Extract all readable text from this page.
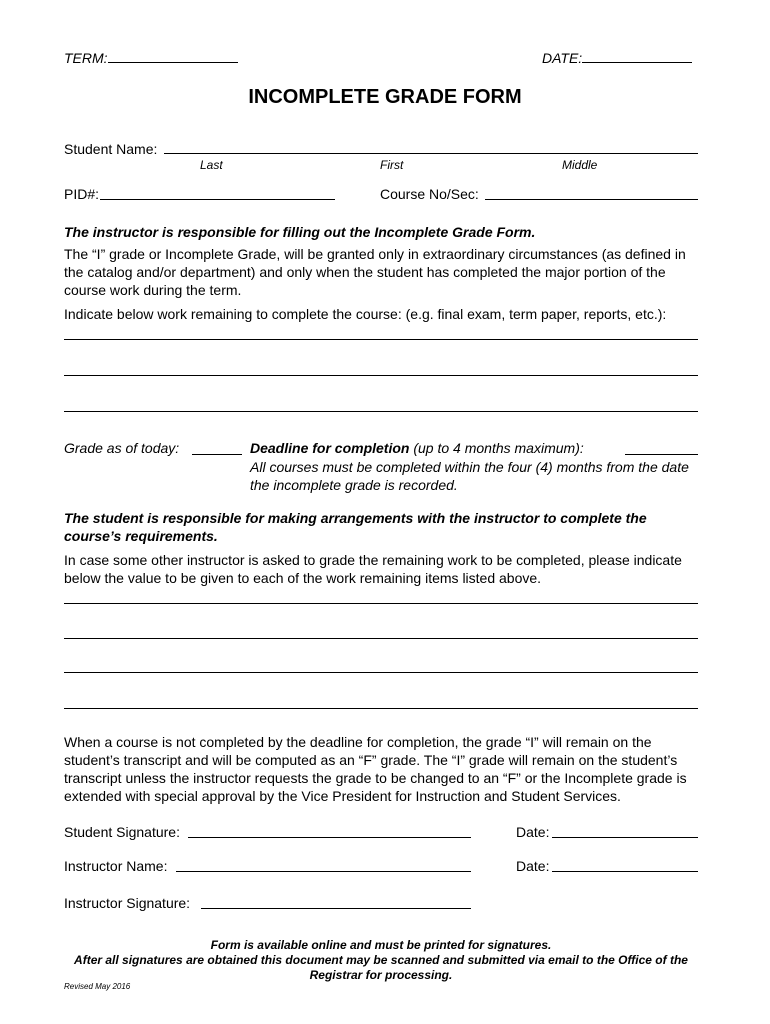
TERM:	DATE:
INCOMPLETE GRADE FORM
Student Name:
Last	First	Middle
PID#:	Course No/Sec:
The instructor is responsible for filling out the Incomplete Grade Form.
The “I” grade or Incomplete Grade, will be granted only in extraordinary circumstances (as defined in the catalog and/or department) and only when the student has completed the major portion of the course work during the term.
Indicate below work remaining to complete the course: (e.g. final exam, term paper, reports, etc.):
Grade as of today:	Deadline for completion (up to 4 months maximum):
All courses must be completed within the four (4) months from the date the incomplete grade is recorded.
The student is responsible for making arrangements with the instructor to complete the course’s requirements.
In case some other instructor is asked to grade the remaining work to be completed, please indicate below the value to be given to each of the work remaining items listed above.
When a course is not completed by the deadline for completion, the grade “I” will remain on the student’s transcript and will be computed as an “F” grade. The “I” grade will remain on the student’s transcript unless the instructor requests the grade to be changed to an “F” or the Incomplete grade is extended with special approval by the Vice President for Instruction and Student Services.
Student Signature:	Date:
Instructor Name:	Date:
Instructor Signature:
Form is available online and must be printed for signatures.
After all signatures are obtained this document may be scanned and submitted via email to the Office of the Registrar for processing.
Revised May 2016
